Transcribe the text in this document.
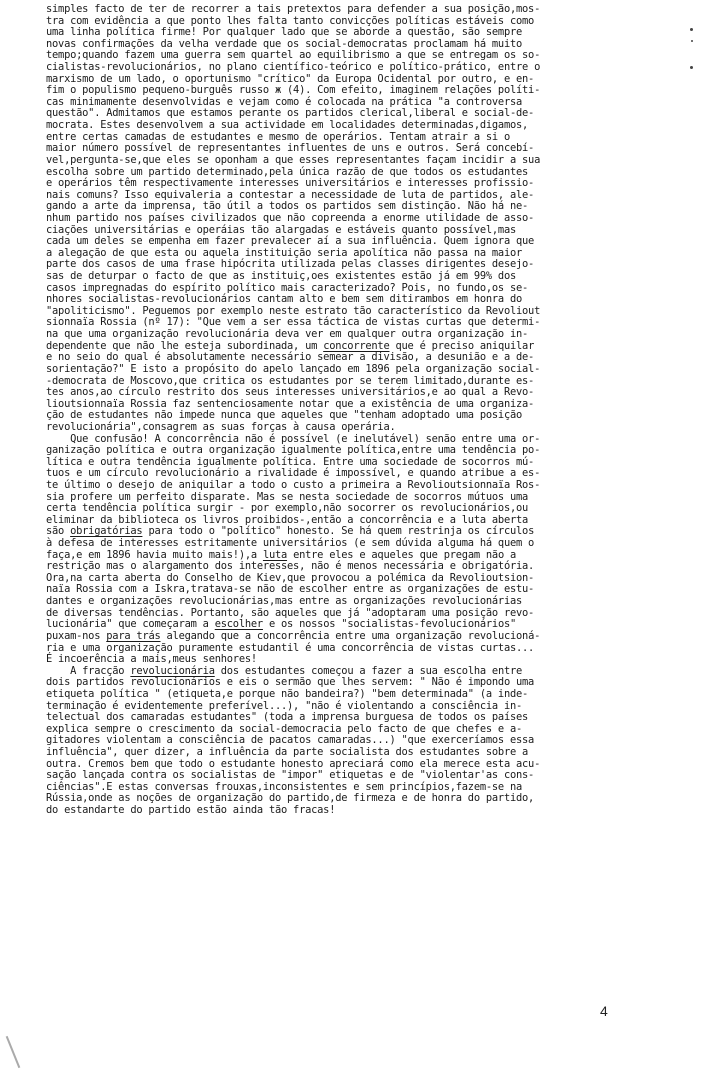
simples facto de ter de recorrer a tais pretextos para defender a sua posição,mos-
tra com evidência a que ponto lhes falta tanto convicções políticas estáveis como
uma linha política firme! Por qualquer lado que se aborde a questão, são sempre
novas confirmações da velha verdade que os social-democratas proclamam há muito
tempo;quando fazem uma guerra sem quartel ao equilibrismo a que se entregam os so-
cialistas-revolucionários, no plano científico-teórico e político-prático, entre o
marxismo de um lado, o oportunismo "crítico" da Europa Ocidental por outro, e en-
fim o populismo pequeno-burguês russo ж (4). Com efeito, imaginem relações políti-
cas minimamente desenvolvidas e vejam como é colocada na prática "a controversa
questão". Admitamos que estamos perante os partidos clerical,liberal e social-de-
mocrata. Estes desenvolvem a sua actividade em localidades determinadas,digamos,
entre certas camadas de estudantes e mesmo de operários. Tentam atrair a si o
maior número possível de representantes influentes de uns e outros. Será concebí-
vel,pergunta-se,que eles se oponham a que esses representantes façam incidir a sua
escolha sobre um partido determinado,pela única razão de que todos os estudantes
e operários têm respectivamente interesses universitários e interesses profissio-
nais comuns? Isso equivaleria a contestar a necessidade de luta de partidos, ale-
gando a arte da imprensa, tão útil a todos os partidos sem distinção. Não há ne-
nhum partido nos países civilizados que não copreenda a enorme utilidade de asso-
ciações universitárias e operáias tão alargadas e estáveis quanto possível,mas
cada um deles se empenha em fazer prevalecer aí a sua influência. Quem ignora que
a alegação de que esta ou aquela instituição seria apolítica não passa na maior
parte dos casos de uma frase hipócrita utilizada pelas classes dirigentes desejo-
sas de deturpar o facto de que as instituiç,oes existentes estão já em 99% dos
casos impregnadas do espírito político mais caracterizado? Pois, no fundo,os se-
nhores socialistas-revolucionários cantam alto e bem sem ditirambos em honra do
"apoliticismo". Peguemos por exemplo neste estrato tão característico da Revoliout
sionnaïa Rossia (nº 17): "Que vem a ser essa táctica de vistas curtas que determi-
na que uma organização revolucionária deva ver em qualquer outra organização in-
dependente que não lhe esteja subordinada, um concorrente que é preciso aniquilar
e no seio do qual é absolutamente necessário semear a divisão, a desunião e a de-
sorientação?" E isto a propósito do apelo lançado em 1896 pela organização social-
-democrata de Moscovo,que critica os estudantes por se terem limitado,durante es-
tes anos,ao círculo restrito dos seus interesses universitários,e ao qual a Revo-
lioutsionnaïa Rossia faz sentenciosamente notar que a existência de uma organiza-
ção de estudantes não impede nunca que aqueles que "tenham adoptado uma posição
revolucionária",consagrem as suas forças à causa operária.
Que confusão! A concorrência não é possível (e inelutável) senão entre uma or-
ganização política e outra organização igualmente política,entre uma tendência po-
lítica e outra tendência igualmente política. Entre uma sociedade de socorros mú-
tuos e um círculo revolucionário a rivalidade é impossível, e quando atribue a es-
te último o desejo de aniquilar a todo o custo a primeira a Revolioutsionnaïa Ros-
sia profere um perfeito disparate. Mas se nesta sociedade de socorros mútuos uma
certa tendência política surgir - por exemplo,não socorrer os revolucionários,ou
eliminar da biblioteca os livros proibidos-,então a concorrência e a luta aberta
são obrigatórias para todo o "político" honesto. Se há quem restrinja os círculos
à defesa de interesses estritamente universitários (e sem dúvida alguma há quem o
faça,e em 1896 havia muito mais!),a luta entre eles e aqueles que pregam não a
restrição mas o alargamento dos interesses, não é menos necessária e obrigatória.
Ora,na carta aberta do Conselho de Kiev,que provocou a polémica da Revolioutsion-
naïa Rossia com a Iskra,tratava-se não de escolher entre as organizações de estu-
dantes e organizações revolucionárias,mas entre as organizações revolucionárias
de diversas tendências. Portanto, são aqueles que já "adoptaram uma posição revo-
lucionária" que começaram a escolher e os nossos "socialistas-fevolucionários"
puxam-nos para trás alegando que a concorrência entre uma organização revolucioná-
ria e uma organização puramente estudantil é uma concorrência de vistas curtas...
É incoerência a mais,meus senhores!
A fracção revolucionária dos estudantes começou a fazer a sua escolha entre
dois partidos revolucionários e eis o sermão que lhes servem: " Não é impondo uma
etiqueta política " (etiqueta,e porque não bandeira?) "bem determinada" (a inde-
terminação é evidentemente preferível...), "não é violentando a consciência in-
telectual dos camaradas estudantes" (toda a imprensa burguesa de todos os países
explica sempre o crescimento da social-democracia pelo facto de que chefes e a-
gitadores violentam a consciência de pacatos camaradas...) "que exerceríamos essa
influência", quer dizer, a influência da parte socialista dos estudantes sobre a
outra. Cremos bem que todo o estudante honesto apreciará como ela merece esta acu-
sação lançada contra os socialistas de "impor" etiquetas e de "violentar'as cons-
ciências".E estas conversas frouxas,inconsistentes e sem princípios,fazem-se na
Rússia,onde as noções de organização do partido,de firmeza e de honra do partido,
do estandarte do partido estão ainda tão fracas!
4
